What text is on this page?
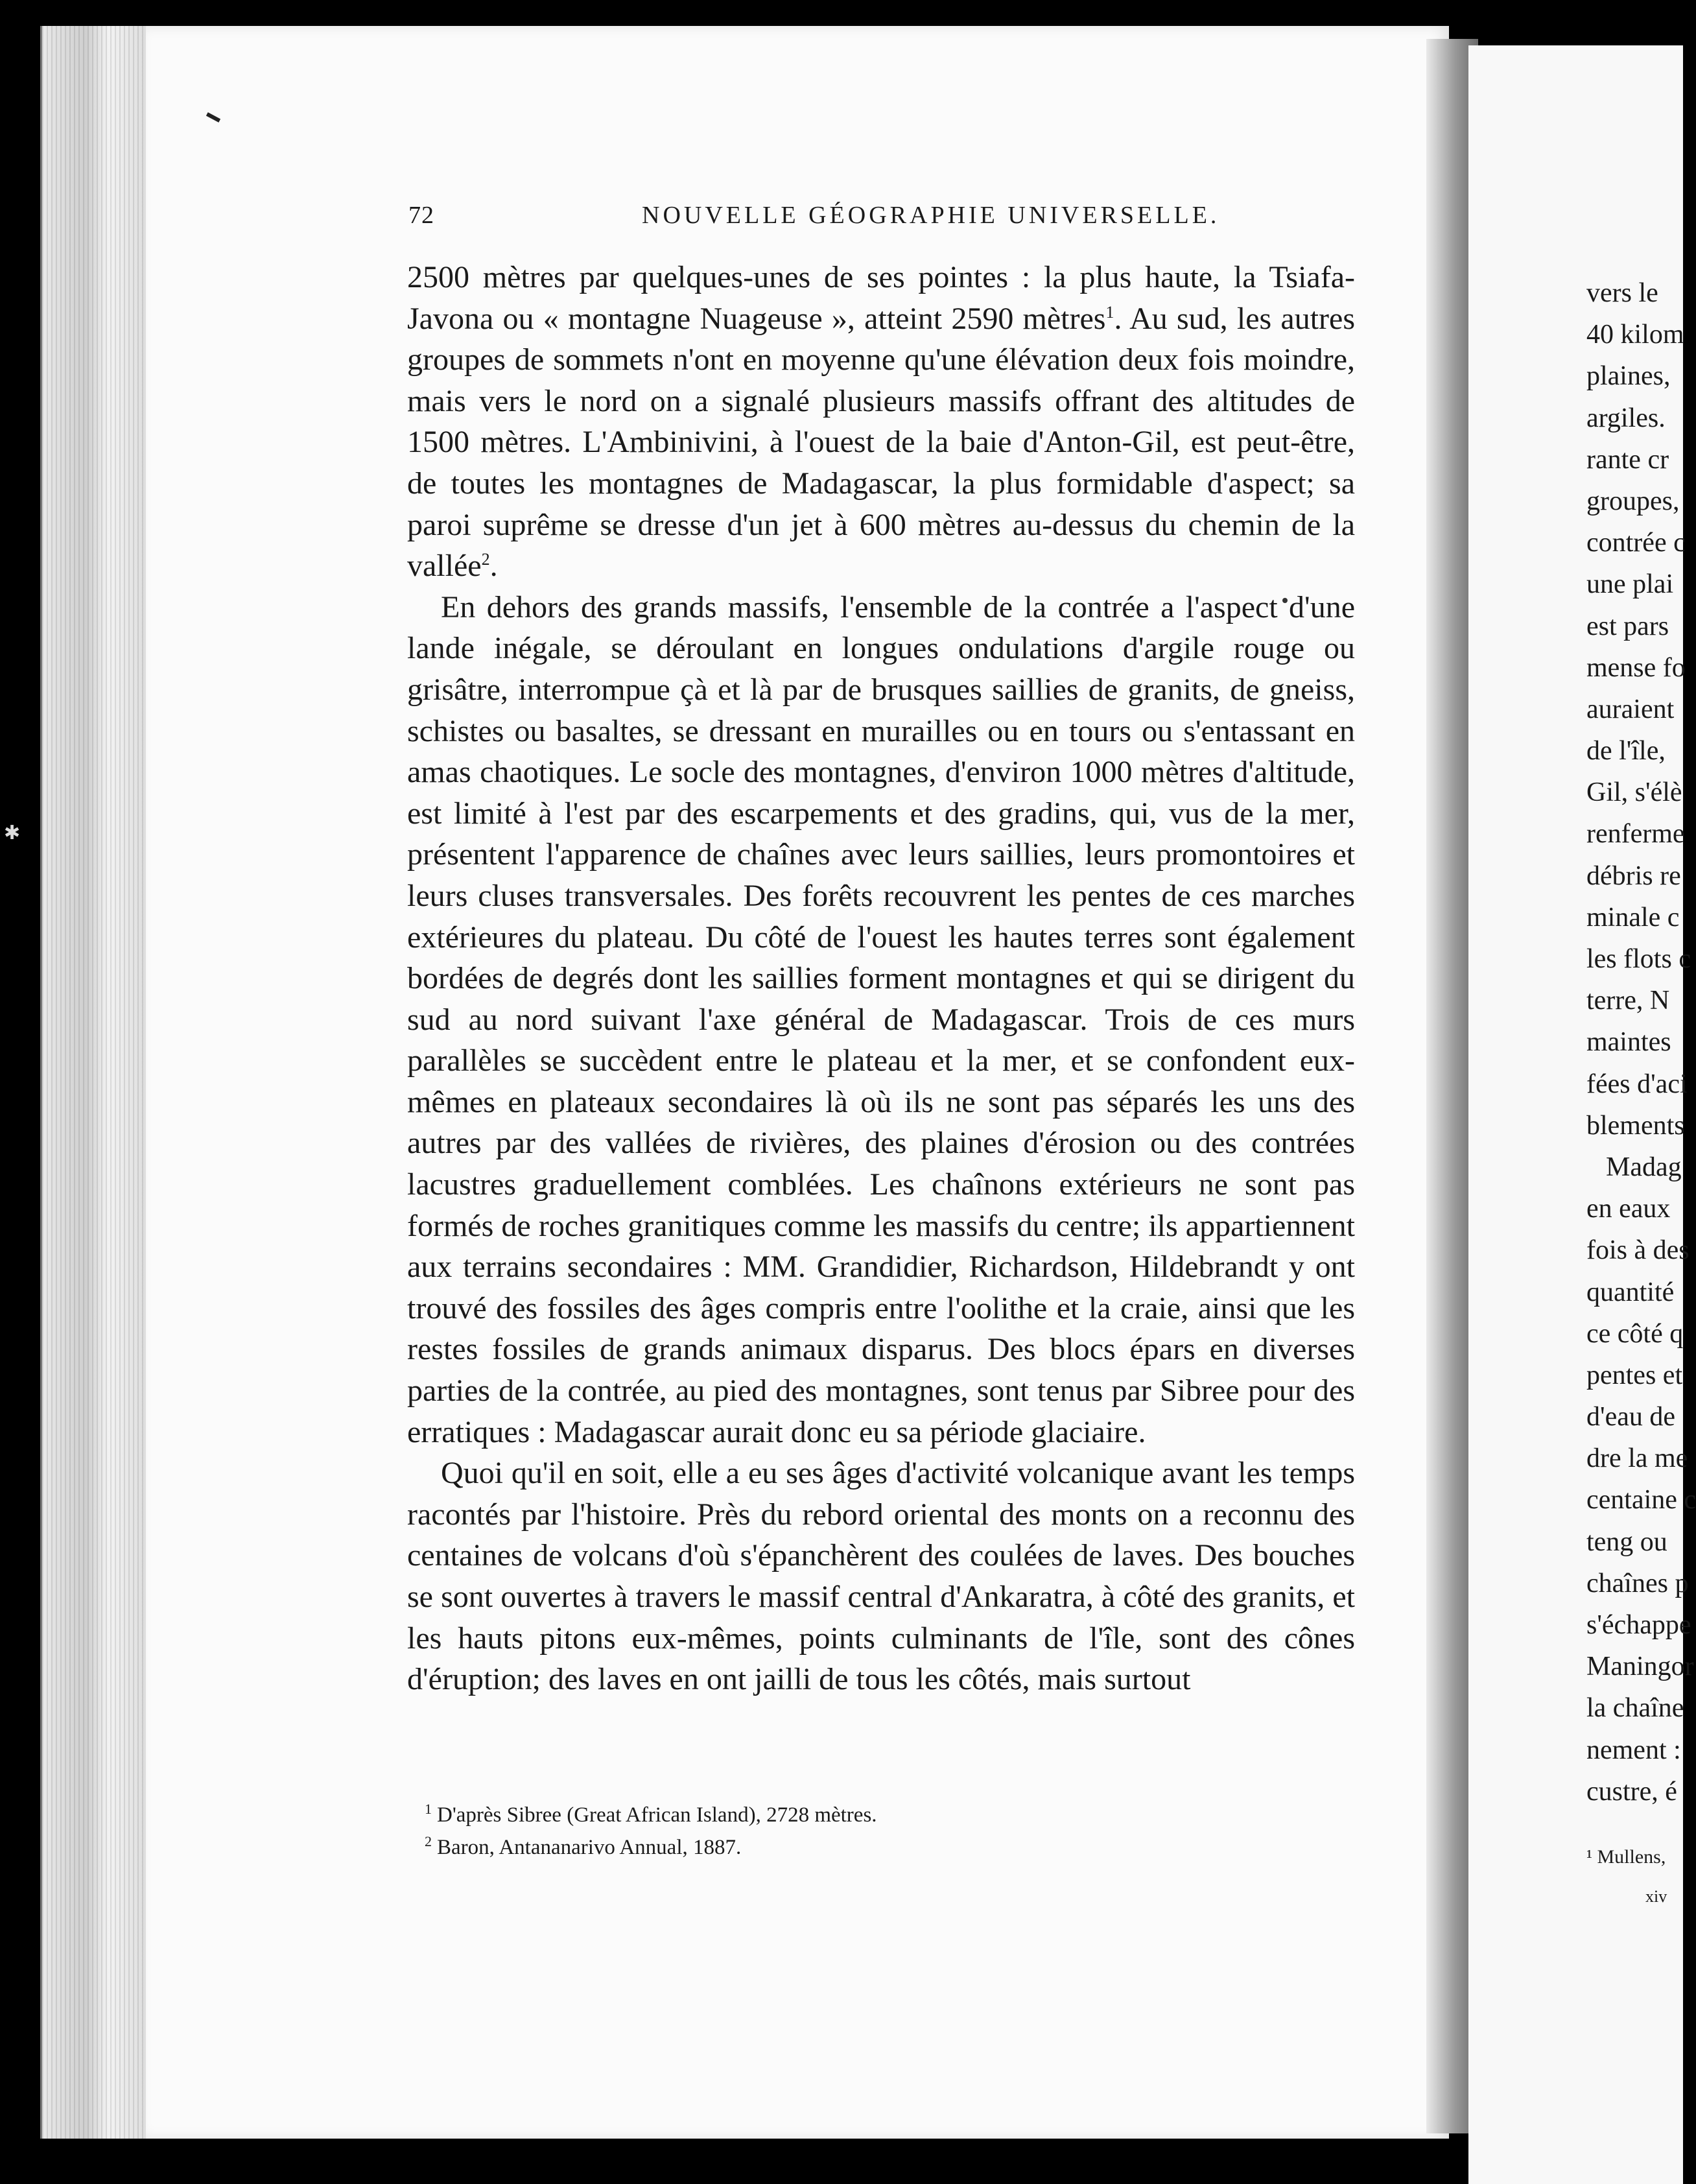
✱
72	NOUVELLE GÉOGRAPHIE UNIVERSELLE.

2500 mètres par quelques-unes de ses pointes : la plus haute, la Tsiafa-Javona ou « montagne Nuageuse », atteint 2590 mètres$^1$. Au sud, les autres groupes de sommets n'ont en moyenne qu'une élévation deux fois moindre, mais vers le nord on a signalé plusieurs massifs offrant des altitudes de 1500 mètres. L'Ambinivini, à l'ouest de la baie d'Anton-Gil, est peut-être, de toutes les montagnes de Madagascar, la plus formidable d'aspect; sa paroi suprême se dresse d'un jet à 600 mètres au-dessus du chemin de la vallée$^2$.

En dehors des grands massifs, l'ensemble de la contrée a l'aspect d'une lande inégale, se déroulant en longues ondulations d'argile rouge ou grisâtre, interrompue çà et là par de brusques saillies de granits, de gneiss, schistes ou basaltes, se dressant en murailles ou en tours ou s'entassant en amas chaotiques. Le socle des montagnes, d'environ 1000 mètres d'altitude, est limité à l'est par des escarpements et des gradins, qui, vus de la mer, présentent l'apparence de chaînes avec leurs saillies, leurs promontoires et leurs cluses transversales. Des forêts recouvrent les pentes de ces marches extérieures du plateau. Du côté de l'ouest les hautes terres sont également bordées de degrés dont les saillies forment montagnes et qui se dirigent du sud au nord suivant l'axe général de Madagascar. Trois de ces murs parallèles se succèdent entre le plateau et la mer, et se confondent eux-mêmes en plateaux secondaires là où ils ne sont pas séparés les uns des autres par des vallées de rivières, des plaines d'érosion ou des contrées lacustres graduellement comblées. Les chaînons extérieurs ne sont pas formés de roches granitiques comme les massifs du centre; ils appartiennent aux terrains secondaires : MM. Grandidier, Richardson, Hildebrandt y ont trouvé des fossiles des âges compris entre l'oolithe et la craie, ainsi que les restes fossiles de grands animaux disparus. Des blocs épars en diverses parties de la contrée, au pied des montagnes, sont tenus par Sibree pour des erratiques : Madagascar aurait donc eu sa période glaciaire.

Quoi qu'il en soit, elle a eu ses âges d'activité volcanique avant les temps racontés par l'histoire. Près du rebord oriental des monts on a reconnu des centaines de volcans d'où s'épanchèrent des coulées de laves. Des bouches se sont ouvertes à travers le massif central d'Ankaratra, à côté des granits, et les hauts pitons eux-mêmes, points culminants de l'île, sont des cônes d'éruption; des laves en ont jailli de tous les côtés, mais surtout

$^1$ D'après Sibree (Great African Island), 2728 mètres.

$^2$ Baron, Antananarivo Annual, 1887.

vers le
40 kilom
plaines,
argiles.
rante cr
groupes,
contrée c
une plai
est pars
mense fo
auraient
de l'île,
Gil, s'élè
renferme
débris re
minale c
les flots c
terre, N
maintes
fées d'aci
blements
Madag
en eaux
fois à des
quantité
ce côté q
pentes et
d'eau de
dre la me
centaine c
teng ou
chaînes p
s'échappe
Maningor
la chaîne
nement :
custre, é
¹ Mullens,
xiv
